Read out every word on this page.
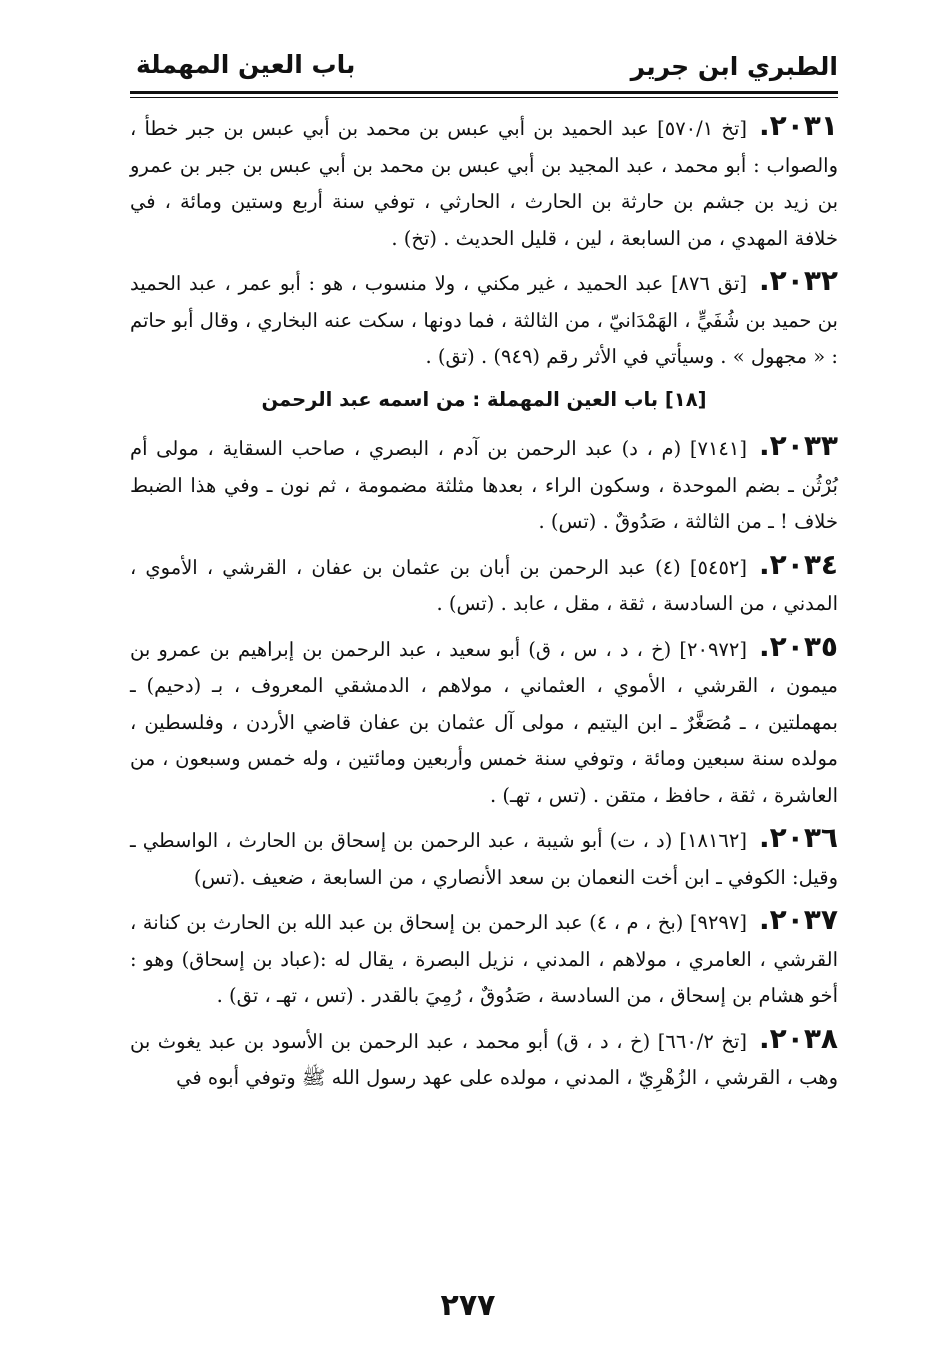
الطبري ابن جرير
باب العين المهملة

٢٠٣١.[تخ ٥٧٠/١] عبد الحميد بن أبي عبس بن محمد بن أبي عبس بن جبر خطأ ، والصواب : أبو محمد ، عبد المجيد بن أبي عبس بن محمد بن أبي عبس بن جبر بن عمرو بن زيد بن جشم بن حارثة بن الحارث ، الحارثي ، توفي سنة أربع وستين ومائة ، في خلافة المهدي ، من السابعة ، لين ، قليل الحديث . (تخ) .

٢٠٣٢.[تق ٨٧٦] عبد الحميد ، غير مكني ، ولا منسوب ، هو : أبو عمر ، عبد الحميد بن حميد بن شُفَيٍّ ، الهَمْدَانيّ ، من الثالثة ، فما دونها ، سكت عنه البخاري ، وقال أبو حاتم : « مجهول » . وسيأتي في الأثر رقم (٩٤٩) . (تق) .

[١٨] باب العين المهملة : من اسمه عبد الرحمن

٢٠٣٣.[٧١٤١] (م ، د) عبد الرحمن بن آدم ، البصري ، صاحب السقاية ، مولى أم بُرْثُن ـ بضم الموحدة ، وسكون الراء ، بعدها مثلثة مضمومة ، ثم نون ـ وفي هذا الضبط خلاف ! ـ من الثالثة ، صَدُوقٌ . (تس) .

٢٠٣٤.[٥٤٥٢] (٤) عبد الرحمن بن أبان بن عثمان بن عفان ، القرشي ، الأموي ، المدني ، من السادسة ، ثقة ، مقل ، عابد . (تس) .

٢٠٣٥.[٢٠٩٧٢] (خ ، د ، س ، ق) أبو سعيد ، عبد الرحمن بن إبراهيم بن عمرو بن ميمون ، القرشي ، الأموي ، العثماني ، مولاهم ، الدمشقي المعروف ، بـ (دحيم) ـ بمهملتين ، ـ مُصَغَّرٌ ـ ابن اليتيم ، مولى آل عثمان بن عفان قاضي الأردن ، وفلسطين ، مولده سنة سبعين ومائة ، وتوفي سنة خمس وأربعين ومائتين ، وله خمس وسبعون ، من العاشرة ، ثقة ، حافظ ، متقن . (تس ، تهـ) .

٢٠٣٦.[١٨١٦٢] (د ، ت) أبو شيبة ، عبد الرحمن بن إسحاق بن الحارث ، الواسطي ـ وقيل: الكوفي ـ ابن أخت النعمان بن سعد الأنصاري ، من السابعة ، ضعيف .(تس)

٢٠٣٧.[٩٢٩٧] (بخ ، م ، ٤) عبد الرحمن بن إسحاق بن عبد الله بن الحارث بن كنانة ، القرشي ، العامري ، مولاهم ، المدني ، نزيل البصرة ، يقال له :(عباد بن إسحاق) وهو : أخو هشام بن إسحاق ، من السادسة ، صَدُوقٌ ، رُمِيَ بالقدر . (تس ، تهـ ، تق) .

٢٠٣٨.[تخ ٦٦٠/٢] (خ ، د ، ق) أبو محمد ، عبد الرحمن بن الأسود بن عبد يغوث بن وهب ، القرشي ، الزُهْرِيّ ، المدني ، مولده على عهد رسول الله ﷺ وتوفي أبوه في

٢٧٧
